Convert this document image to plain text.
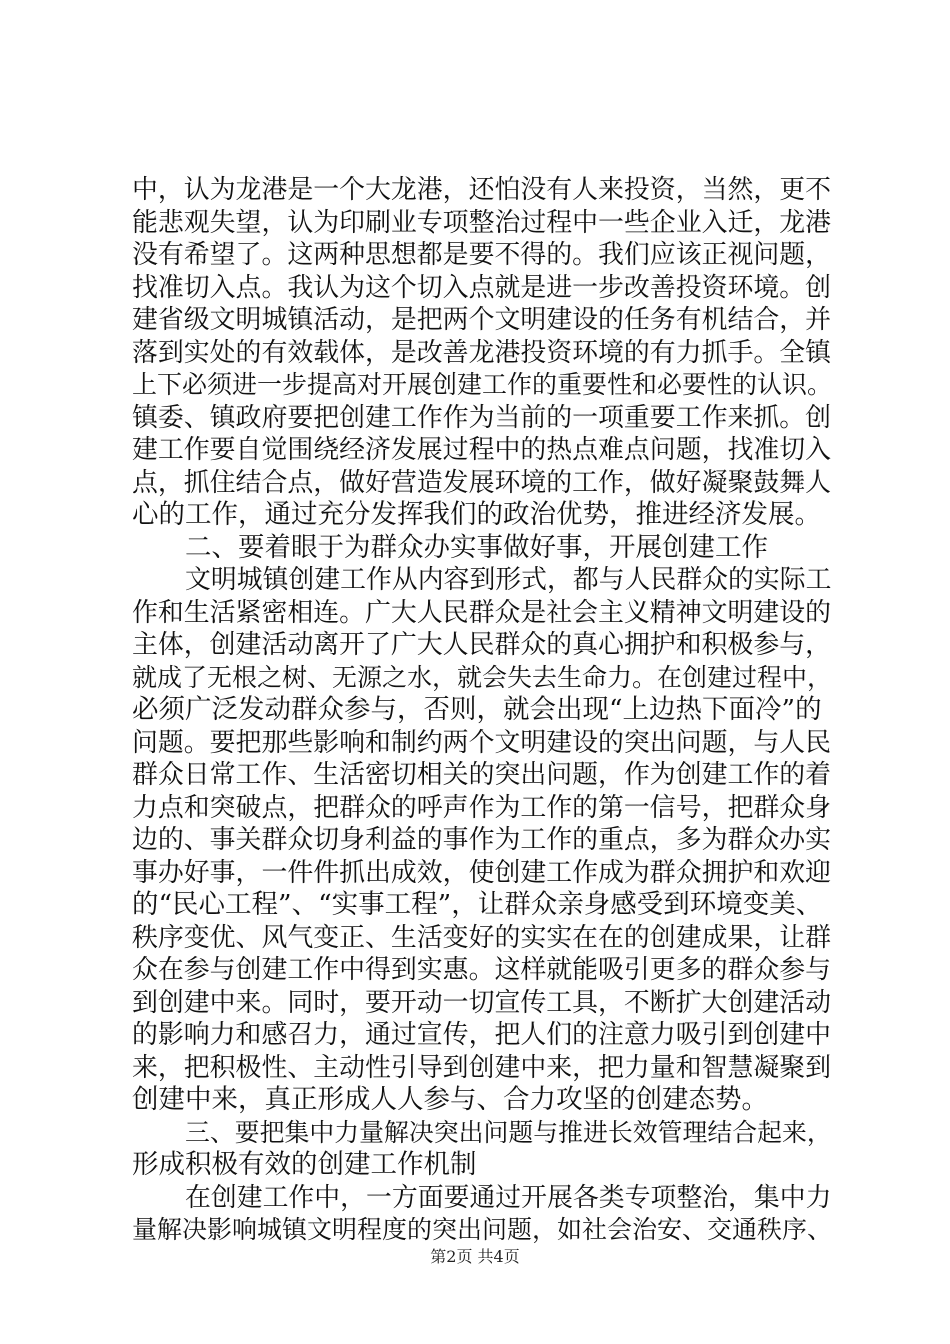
中，认为龙港是一个大龙港，还怕没有人来投资，当然，更不
能悲观失望，认为印刷业专项整治过程中一些企业入迁，龙港
没有希望了。这两种思想都是要不得的。我们应该正视问题，
找准切入点。我认为这个切入点就是进一步改善投资环境。创
建省级文明城镇活动，是把两个文明建设的任务有机结合，并
落到实处的有效载体，是改善龙港投资环境的有力抓手。全镇
上下必须进一步提高对开展创建工作的重要性和必要性的认识。
镇委、镇政府要把创建工作作为当前的一项重要工作来抓。创
建工作要自觉围绕经济发展过程中的热点难点问题，找准切入
点，抓住结合点，做好营造发展环境的工作，做好凝聚鼓舞人
心的工作，通过充分发挥我们的政治优势，推进经济发展。
二、要着眼于为群众办实事做好事，开展创建工作
文明城镇创建工作从内容到形式，都与人民群众的实际工
作和生活紧密相连。广大人民群众是社会主义精神文明建设的
主体，创建活动离开了广大人民群众的真心拥护和积极参与，
就成了无根之树、无源之水，就会失去生命力。在创建过程中，
必须广泛发动群众参与，否则，就会出现“上边热下面冷”的
问题。要把那些影响和制约两个文明建设的突出问题，与人民
群众日常工作、生活密切相关的突出问题，作为创建工作的着
力点和突破点，把群众的呼声作为工作的第一信号，把群众身
边的、事关群众切身利益的事作为工作的重点，多为群众办实
事办好事，一件件抓出成效，使创建工作成为群众拥护和欢迎
的“民心工程”、“实事工程”，让群众亲身感受到环境变美、
秩序变优、风气变正、生活变好的实实在在的创建成果，让群
众在参与创建工作中得到实惠。这样就能吸引更多的群众参与
到创建中来。同时，要开动一切宣传工具，不断扩大创建活动
的影响力和感召力，通过宣传，把人们的注意力吸引到创建中
来，把积极性、主动性引导到创建中来，把力量和智慧凝聚到
创建中来，真正形成人人参与、合力攻坚的创建态势。
三、要把集中力量解决突出问题与推进长效管理结合起来，
形成积极有效的创建工作机制
在创建工作中，一方面要通过开展各类专项整治，集中力
量解决影响城镇文明程度的突出问题，如社会治安、交通秩序、
第2页 共4页
